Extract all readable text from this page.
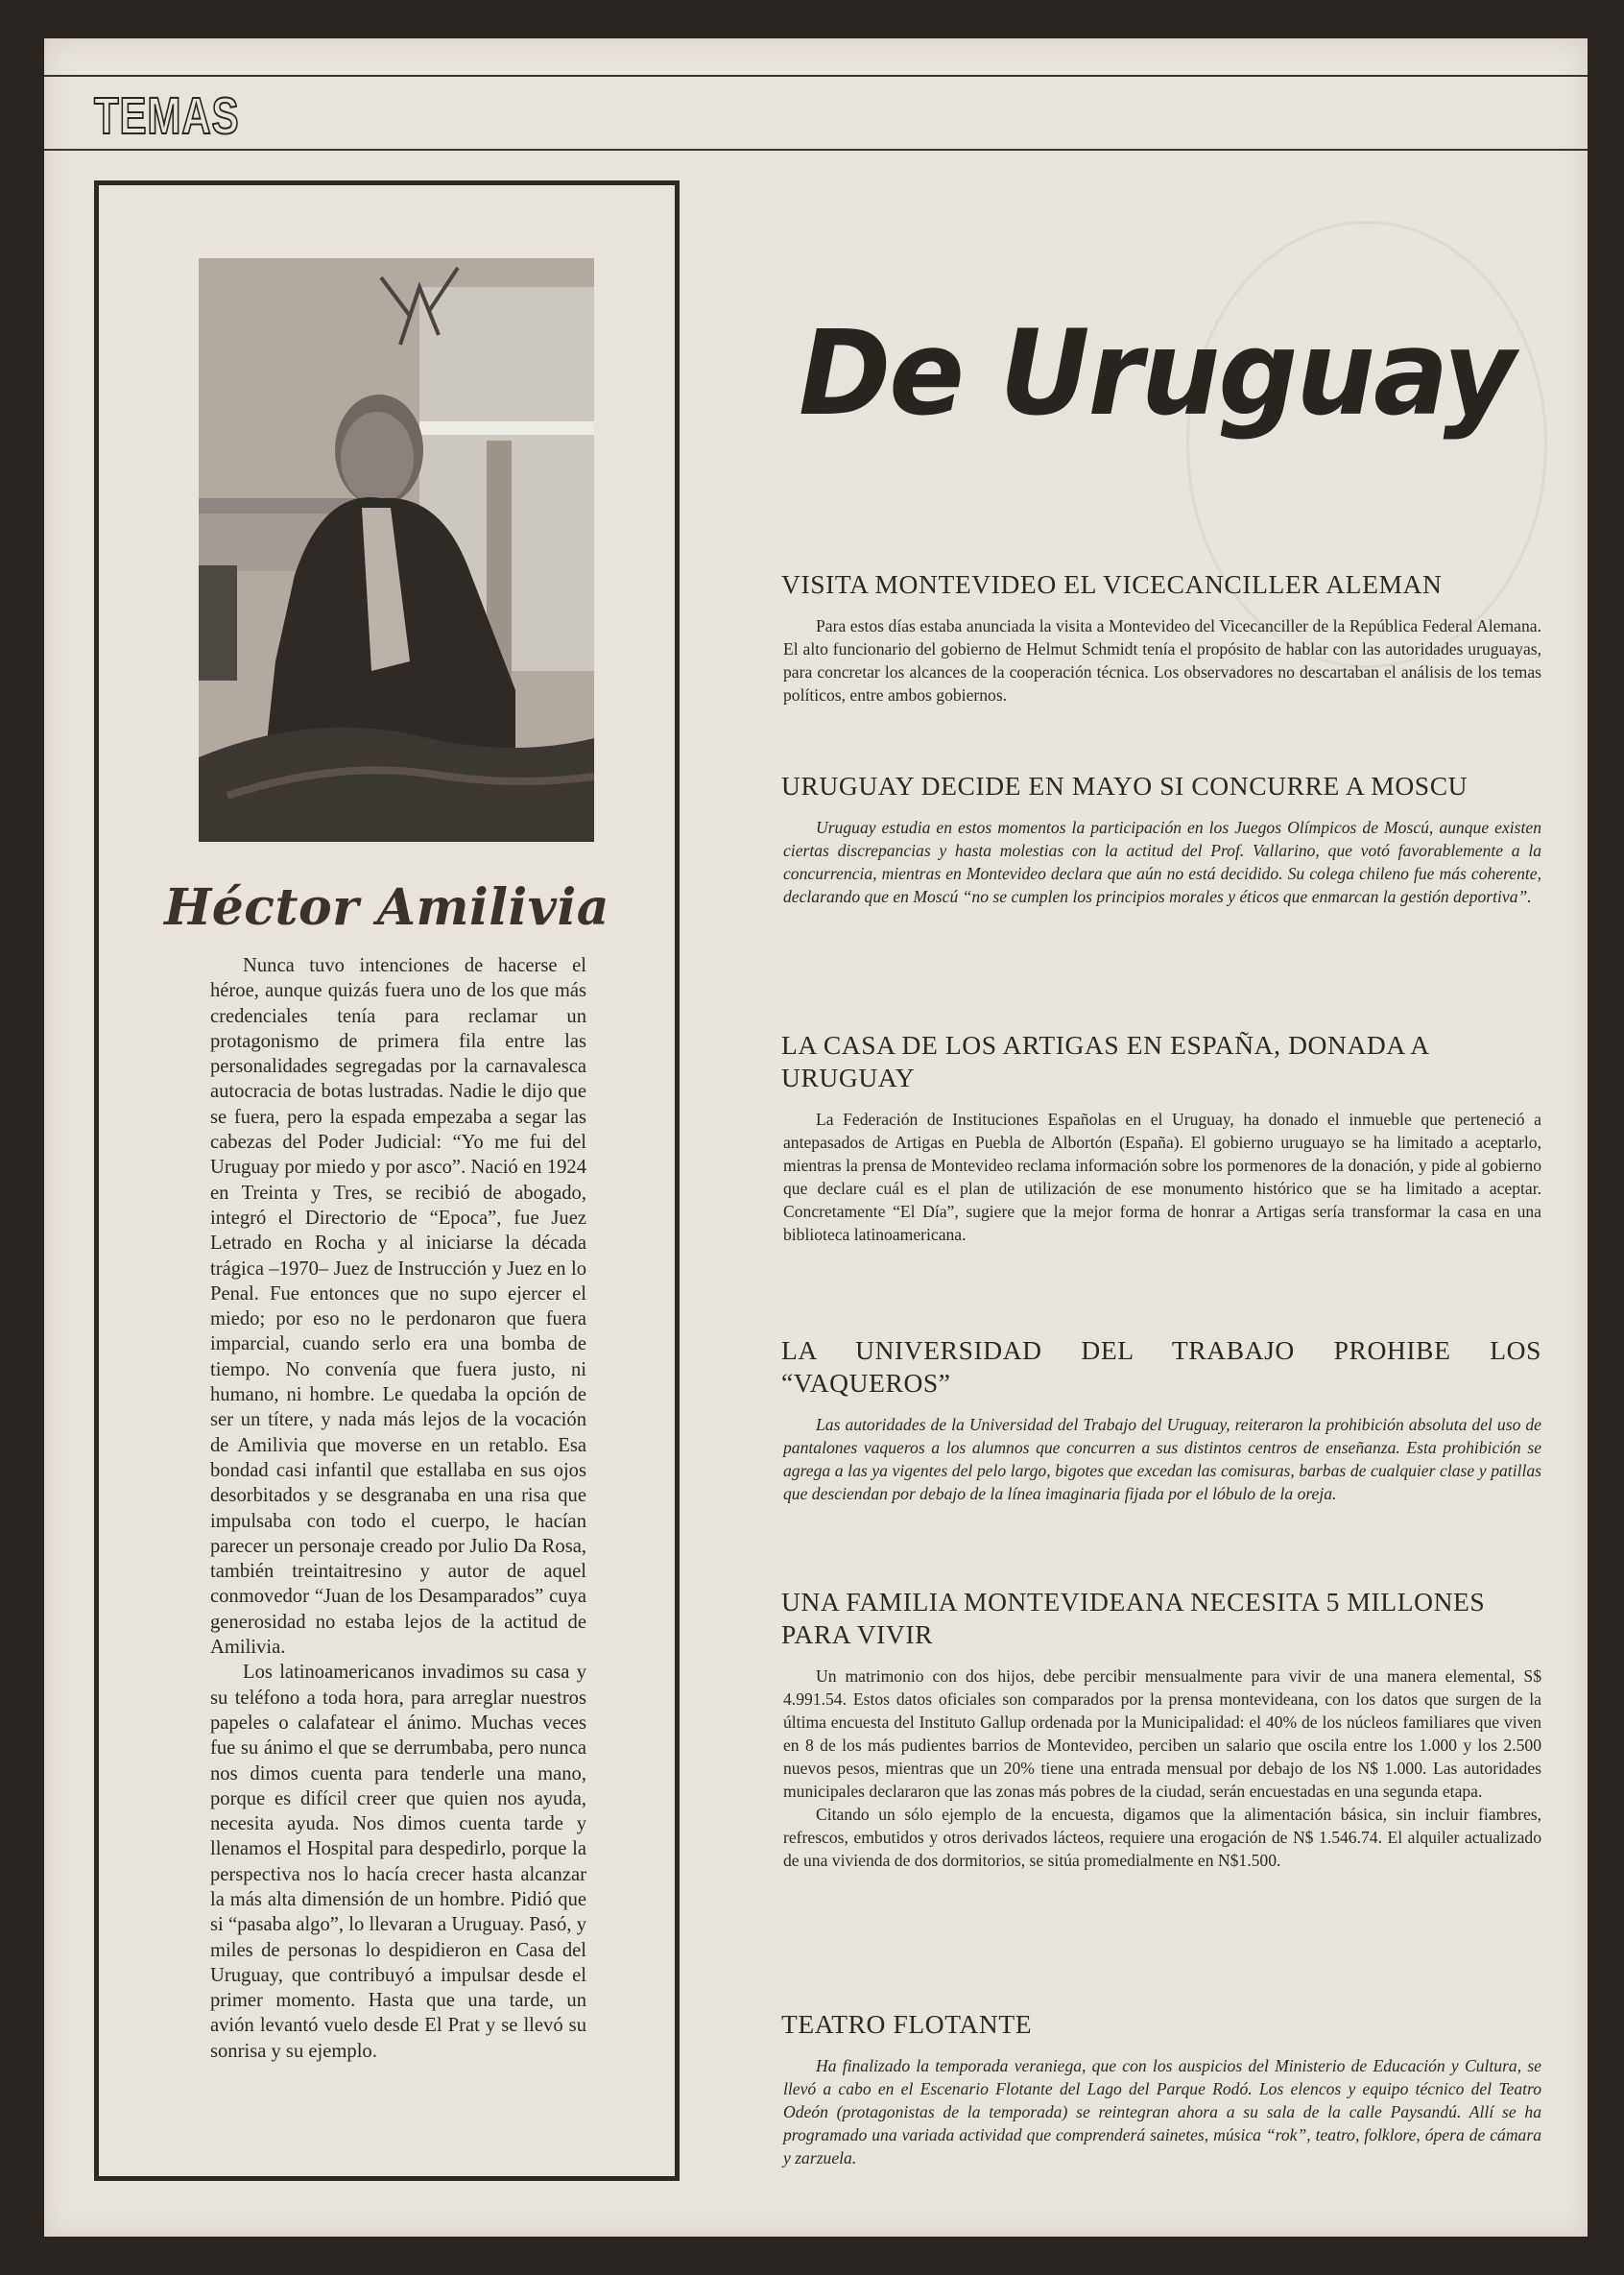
TEMAS
Héctor Amilivia

Nunca tuvo intenciones de hacerse el héroe, aunque quizás fuera uno de los que más credenciales tenía para reclamar un protagonismo de primera fila entre las personalidades segregadas por la carnavalesca autocracia de botas lustradas. Nadie le dijo que se fuera, pero la espada empezaba a segar las cabezas del Poder Judicial: “Yo me fui del Uruguay por miedo y por asco”. Nació en 1924 en Treinta y Tres, se recibió de abogado, integró el Directorio de “Epoca”, fue Juez Letrado en Rocha y al iniciarse la década trágica –1970– Juez de Instrucción y Juez en lo Penal. Fue entonces que no supo ejercer el miedo; por eso no le perdonaron que fuera imparcial, cuando serlo era una bomba de tiempo. No convenía que fuera justo, ni humano, ni hombre. Le quedaba la opción de ser un títere, y nada más lejos de la vocación de Amilivia que moverse en un retablo. Esa bondad casi infantil que estallaba en sus ojos desorbitados y se desgranaba en una risa que impulsaba con todo el cuerpo, le hacían parecer un personaje creado por Julio Da Rosa, también treintaitresino y autor de aquel conmovedor “Juan de los Desamparados” cuya generosidad no estaba lejos de la actitud de Amilivia.

Los latinoamericanos invadimos su casa y su teléfono a toda hora, para arreglar nuestros papeles o calafatear el ánimo. Muchas veces fue su ánimo el que se derrumbaba, pero nunca nos dimos cuenta para tenderle una mano, porque es difícil creer que quien nos ayuda, necesita ayuda. Nos dimos cuenta tarde y llenamos el Hospital para despedirlo, porque la perspectiva nos lo hacía crecer hasta alcanzar la más alta dimensión de un hombre. Pidió que si “pasaba algo”, lo llevaran a Uruguay. Pasó, y miles de personas lo despidieron en Casa del Uruguay, que contribuyó a impulsar desde el primer momento. Hasta que una tarde, un avión levantó vuelo desde El Prat y se llevó su sonrisa y su ejemplo.

De Uruguay
VISITA MONTEVIDEO EL VICECANCILLER ALEMAN

Para estos días estaba anunciada la visita a Montevideo del Vicecanciller de la República Federal Alemana. El alto funcionario del gobierno de Helmut Schmidt tenía el propósito de hablar con las autoridades uruguayas, para concretar los alcances de la cooperación técnica. Los observadores no descartaban el análisis de los temas políticos, entre ambos gobiernos.

URUGUAY DECIDE EN MAYO SI CONCURRE A MOSCU

Uruguay estudia en estos momentos la participación en los Juegos Olímpicos de Moscú, aunque existen ciertas discrepancias y hasta molestias con la actitud del Prof. Vallarino, que votó favorablemente a la concurrencia, mientras en Montevideo declara que aún no está decidido. Su colega chileno fue más coherente, declarando que en Moscú “no se cumplen los principios morales y éticos que enmarcan la gestión deportiva”.

LA CASA DE LOS ARTIGAS EN ESPAÑA, DONADA A URUGUAY

La Federación de Instituciones Españolas en el Uruguay, ha donado el inmueble que perteneció a antepasados de Artigas en Puebla de Albortón (España). El gobierno uruguayo se ha limitado a aceptarlo, mientras la prensa de Montevideo reclama información sobre los pormenores de la donación, y pide al gobierno que declare cuál es el plan de utilización de ese monumento histórico que se ha limitado a aceptar. Concretamente “El Día”, sugiere que la mejor forma de honrar a Artigas sería transformar la casa en una biblioteca latinoamericana.

LA UNIVERSIDAD DEL TRABAJO PROHIBE LOS “VAQUEROS”

Las autoridades de la Universidad del Trabajo del Uruguay, reiteraron la prohibición absoluta del uso de pantalones vaqueros a los alumnos que concurren a sus distintos centros de enseñanza. Esta prohibición se agrega a las ya vigentes del pelo largo, bigotes que excedan las comisuras, barbas de cualquier clase y patillas que desciendan por debajo de la línea imaginaria fijada por el lóbulo de la oreja.

UNA FAMILIA MONTEVIDEANA NECESITA 5 MILLONES PARA VIVIR

Un matrimonio con dos hijos, debe percibir mensualmente para vivir de una manera elemental, S$ 4.991.54. Estos datos oficiales son comparados por la prensa montevideana, con los datos que surgen de la última encuesta del Instituto Gallup ordenada por la Municipalidad: el 40% de los núcleos familiares que viven en 8 de los más pudientes barrios de Montevideo, perciben un salario que oscila entre los 1.000 y los 2.500 nuevos pesos, mientras que un 20% tiene una entrada mensual por debajo de los N$ 1.000. Las autoridades municipales declararon que las zonas más pobres de la ciudad, serán encuestadas en una segunda etapa.

Citando un sólo ejemplo de la encuesta, digamos que la alimentación básica, sin incluir fiambres, refrescos, embutidos y otros derivados lácteos, requiere una erogación de N$ 1.546.74. El alquiler actualizado de una vivienda de dos dormitorios, se sitúa promedialmente en N$1.500.

TEATRO FLOTANTE

Ha finalizado la temporada veraniega, que con los auspicios del Ministerio de Educación y Cultura, se llevó a cabo en el Escenario Flotante del Lago del Parque Rodó. Los elencos y equipo técnico del Teatro Odeón (protagonistas de la temporada) se reintegran ahora a su sala de la calle Paysandú. Allí se ha programado una variada actividad que comprenderá sainetes, música “rok”, teatro, folklore, ópera de cámara y zarzuela.
